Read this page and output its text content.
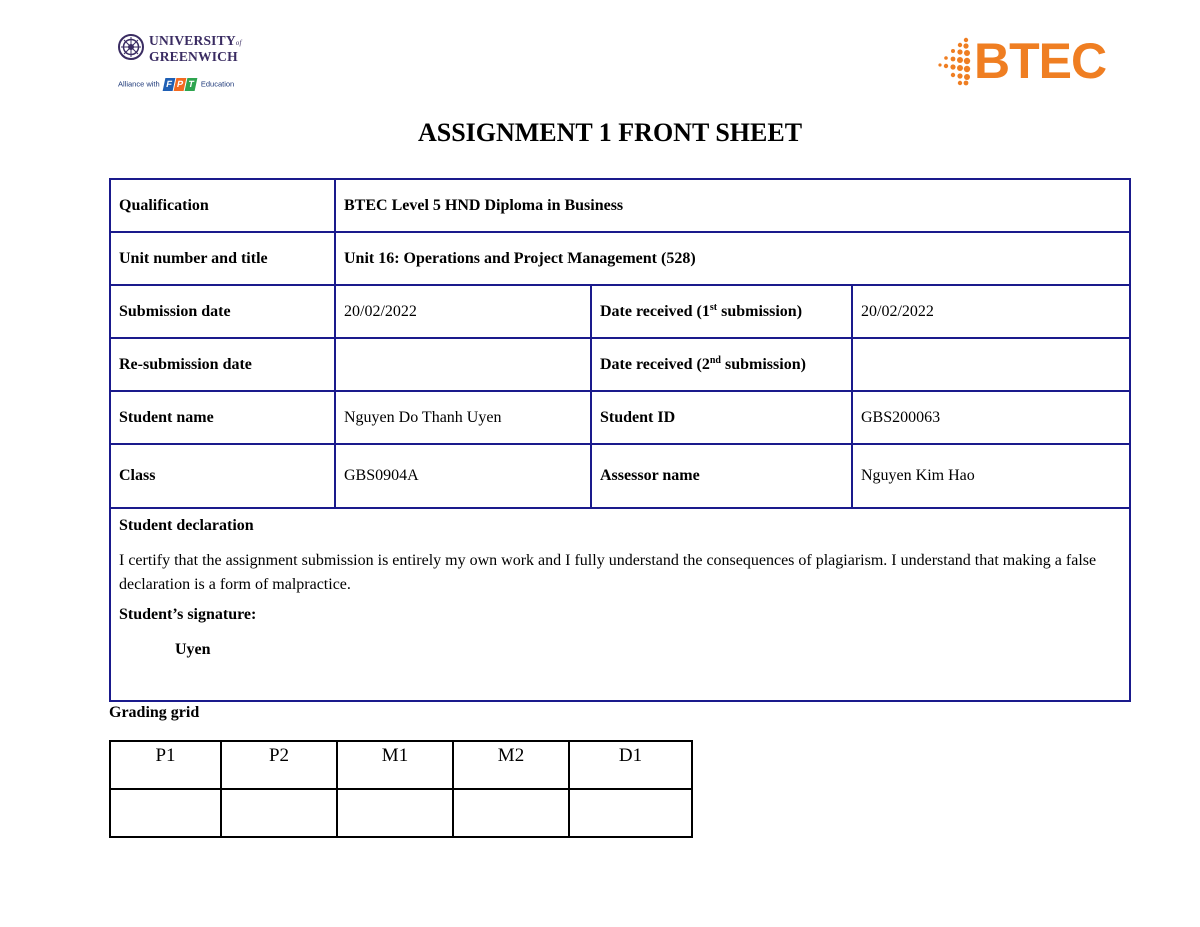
UNIVERSITYof
GREENWICH
Alliance with F P T Education	BTEC
ASSIGNMENT 1 FRONT SHEET
Qualification	BTEC Level 5 HND Diploma in Business		
Unit number and title	Unit 16: Operations and Project Management (528)		
Submission date	20/02/2022	Date received (1st submission)	20/02/2022
Re-submission date		Date received (2nd submission)	
Student name	Nguyen Do Thanh Uyen	Student ID	GBS200063
Class	GBS0904A	Assessor name	Nguyen Kim Hao

Student declaration
I certify that the assignment submission is entirely my own work and I fully understand the consequences of plagiarism. I understand that making a false declaration is a form of malpractice.
Student’s signature:
Uyen			
Grading grid
P1	P2	M1	M2	D1
